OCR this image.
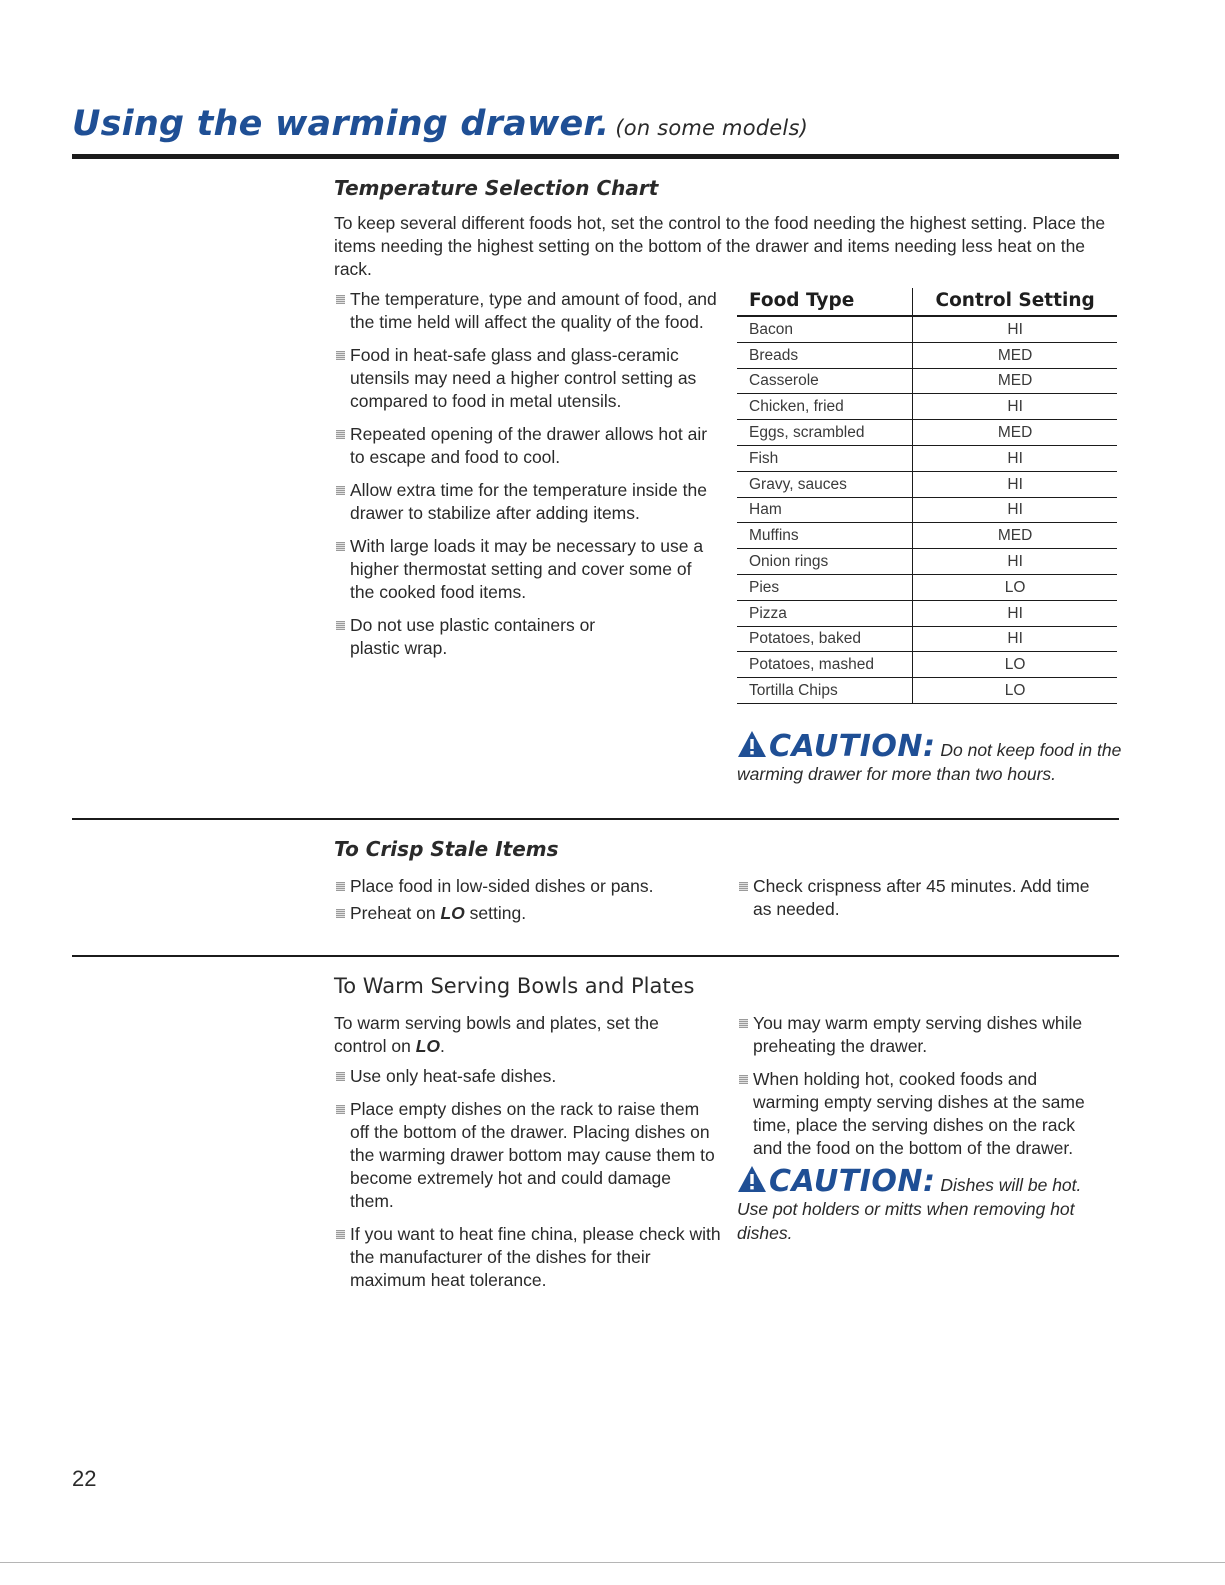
Using the warming drawer. (on some models)
Temperature Selection Chart

To keep several different foods hot, set the control to the food needing the highest setting. Place the items needing the highest setting on the bottom of the drawer and items needing less heat on the rack.

The temperature, type and amount of food, and the time held will affect the quality of the food.
Food in heat-safe glass and glass-ceramic utensils may need a higher control setting as compared to food in metal utensils.
Repeated opening of the drawer allows hot air to escape and food to cool.
Allow extra time for the temperature inside the drawer to stabilize after adding items.
With large loads it may be necessary to use a higher thermostat setting and cover some of the cooked food items.
Do not use plastic containers or plastic wrap.
Food Type	Control Setting
Bacon	HI
Breads	MED
Casserole	MED
Chicken, fried	HI
Eggs, scrambled	MED
Fish	HI
Gravy, sauces	HI
Ham	HI
Muffins	MED
Onion rings	HI
Pies	LO
Pizza	HI
Potatoes, baked	HI
Potatoes, mashed	LO
Tortilla Chips	LO
CAUTION: Do not keep food in the warming drawer for more than two hours.
To Crisp Stale Items
Place food in low-sided dishes or pans.
Preheat on LO setting.
Check crispness after 45 minutes. Add time as needed.
To Warm Serving Bowls and Plates

To warm serving bowls and plates, set the control on LO.

Use only heat-safe dishes.
Place empty dishes on the rack to raise them off the bottom of the drawer. Placing dishes on the warming drawer bottom may cause them to become extremely hot and could damage them.
If you want to heat fine china, please check with the manufacturer of the dishes for their maximum heat tolerance.
You may warm empty serving dishes while preheating the drawer.
When holding hot, cooked foods and warming empty serving dishes at the same time, place the serving dishes on the rack and the food on the bottom of the drawer.
CAUTION: Dishes will be hot. Use pot holders or mitts when removing hot dishes.
22
